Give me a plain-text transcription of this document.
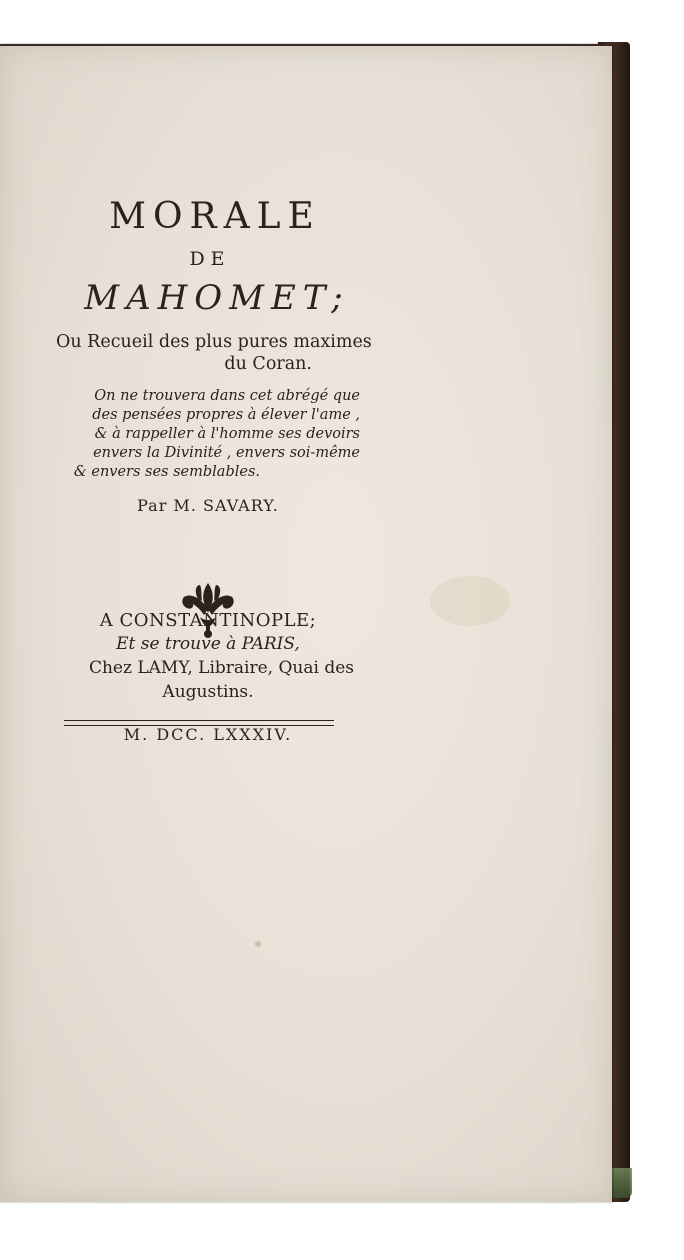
MORALE
DE
MAHOMET;
Ou Recueil des plus pures maximes
du Coran.
On ne trouvera dans cet abrégé que
des pensées propres à élever l'ame ,
& à rappeller à l'homme ses devoirs
envers la Divinité , envers soi-même
& envers ses semblables.
Par M. SAVARY.
A CONSTANTINOPLE;
Et se trouve à PARIS,
Chez LAMY, Libraire, Quai des
Augustins.
M. DCC. LXXXIV.
